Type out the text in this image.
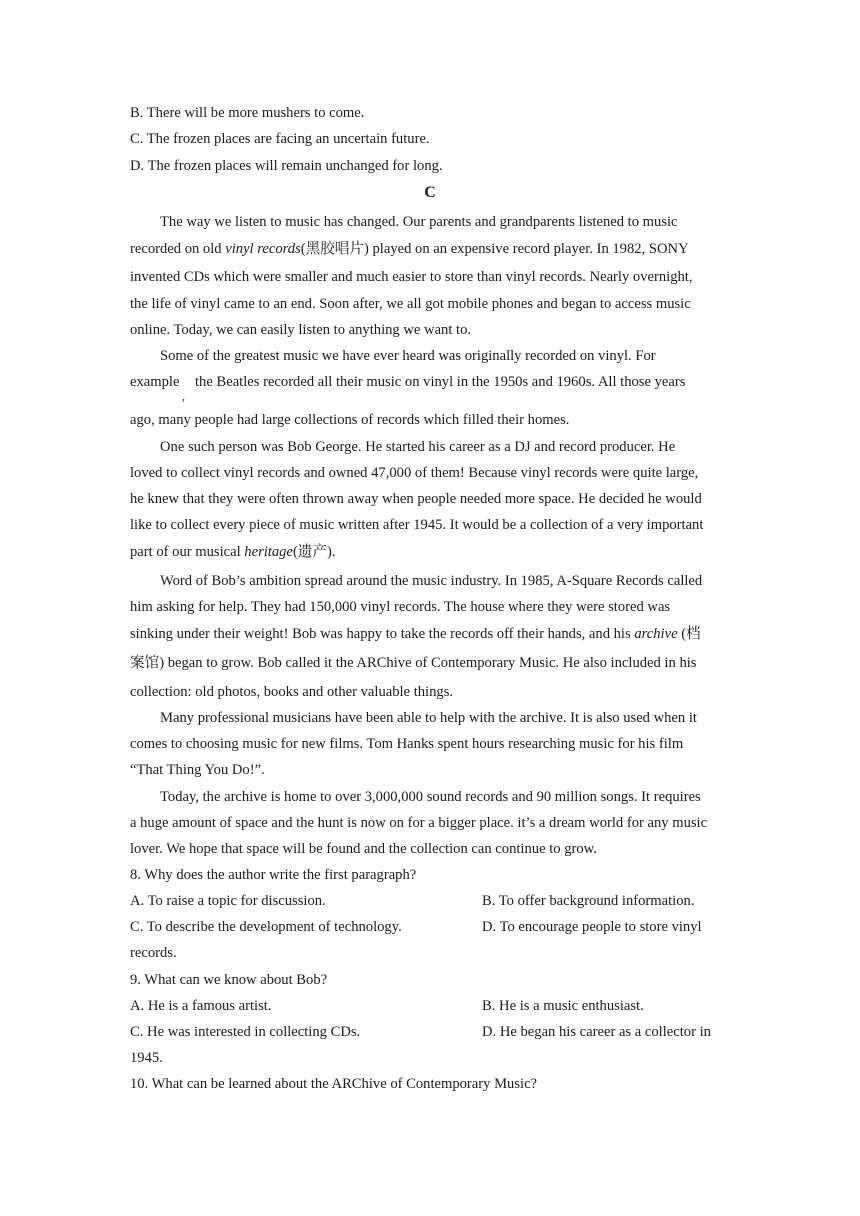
B. There will be more mushers to come.
C. The frozen places are facing an uncertain future.
D. The frozen places will remain unchanged for long.
C
The way we listen to music has changed. Our parents and grandparents listened to music
recorded on old vinyl records(黑胶唱片) played on an expensive record player. In 1982, SONY
invented CDs which were smaller and much easier to store than vinyl records. Nearly overnight,
the life of vinyl came to an end. Soon after, we all got mobile phones and began to access music
online. Today, we can easily listen to anything we want to.
Some of the greatest music we have ever heard was originally recorded on vinyl. For
example
,
the Beatles recorded all their music on vinyl in the 1950s and 1960s. All those years
ago, many people had large collections of records which filled their homes.
One such person was Bob George. He started his career as a DJ and record producer. He
loved to collect vinyl records and owned 47,000 of them! Because vinyl records were quite large,
he knew that they were often thrown away when people needed more space. He decided he would
like to collect every piece of music written after 1945. It would be a collection of a very important
part of our musical heritage(遗产).
Word of Bob’s ambition spread around the music industry. In 1985, A-Square Records called
him asking for help. They had 150,000 vinyl records. The house where they were stored was
sinking under their weight! Bob was happy to take the records off their hands, and his archive (档
案馆) began to grow. Bob called it the ARChive of Contemporary Music. He also included in his
collection: old photos, books and other valuable things.
Many professional musicians have been able to help with the archive. It is also used when it
comes to choosing music for new films. Tom Hanks spent hours researching music for his film
“That Thing You Do!”.
Today, the archive is home to over 3,000,000 sound records and 90 million songs. It requires
a huge amount of space and the hunt is now on for a bigger place. it’s a dream world for any music
lover. We hope that space will be found and the collection can continue to grow.
8. Why does the author write the first paragraph?
A. To raise a topic for discussion.	B. To offer background information.
C. To describe the development of technology.	D. To encourage people to store vinyl
records.
9. What can we know about Bob?
A. He is a famous artist.	B. He is a music enthusiast.
C. He was interested in collecting CDs.	D. He began his career as a collector in
1945.
10. What can be learned about the ARChive of Contemporary Music?
